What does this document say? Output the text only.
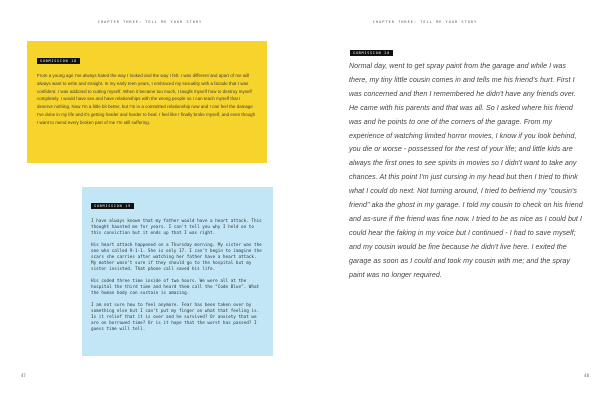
CHAPTER THREE: TELL ME YOUR STORY
SUBMISSION 18
From a young age I've always hated the way I looked and the way I felt. I was different and apart of me will always want to write and straight. In my early teen years, I embraced my sexuality with a facade that I was confident. I was addicted to cutting myself. When it became too much, I taught myself how to destroy myself completely. I would have sex and have relationships with the wrong people so I can teach myself that I deserve nothing. Now I'm a little bit better, but I'm in a committed relationship now and I can feel the damage I've done in my life and it's getting harder and harder to heal. I feel like I finally broke myself, and even though I want to mend every broken part of me I'm still suffering.
SUBMISSION 19

I have always known that my father would have a heart attack. This thought haunted me for years. I can't tell you why I held on to this conviction but it ends up that I was right.

His heart attack happened on a Thursday morning. My sister was the one who called 9-1-1. She is only 17. I can't begin to imagine the scars she carries after watching her father have a heart attack. My mother wasn't sure if they should go to the hospital but my sister insisted. That phone call saved his life.

His coded three time inside of two hours. We were all at the hospital the third time and heard them call the "Code Blue". What the human body can sustain is amazing.

I am not sure how to feel anymore. Fear has been taken over by something else but I can't put my finger on what that feeling is. Is it relief that it is over and he survived? Or anxiety that we are on borrowed time? Or is it hope that the worst has passed? I guess time will tell.

47
CHAPTER THREE: TELL ME YOUR STORY
SUBMISSION 20
Normal day, went to get spray paint from the garage and while I was there, my tiny little cousin comes in and tells me his friend's hurt. First I was concerned and then I remembered he didn't have any friends over. He came with his parents and that was all. So I asked where his friend was and he points to one of the corners of the garage. From my experience of watching limited horror movies, I know if you look behind, you die or worse - possessed for the rest of your life; and little kids are always the first ones to see spirits in movies so I didn't want to take any chances. At this point I'm just cursing in my head but then I tried to think what I could do next. Not turning around, I tried to befriend my "cousin's friend" aka the ghost in my garage. I told my cousin to check on his friend and as-sure if the friend was fine now. I tried to be as nice as I could but I could hear the faking in my voice but I continued - I had to save myself; and my cousin would be fine because he didn't live here. I exited the garage as soon as I could and took my cousin with me; and the spray paint was no longer required.
48
